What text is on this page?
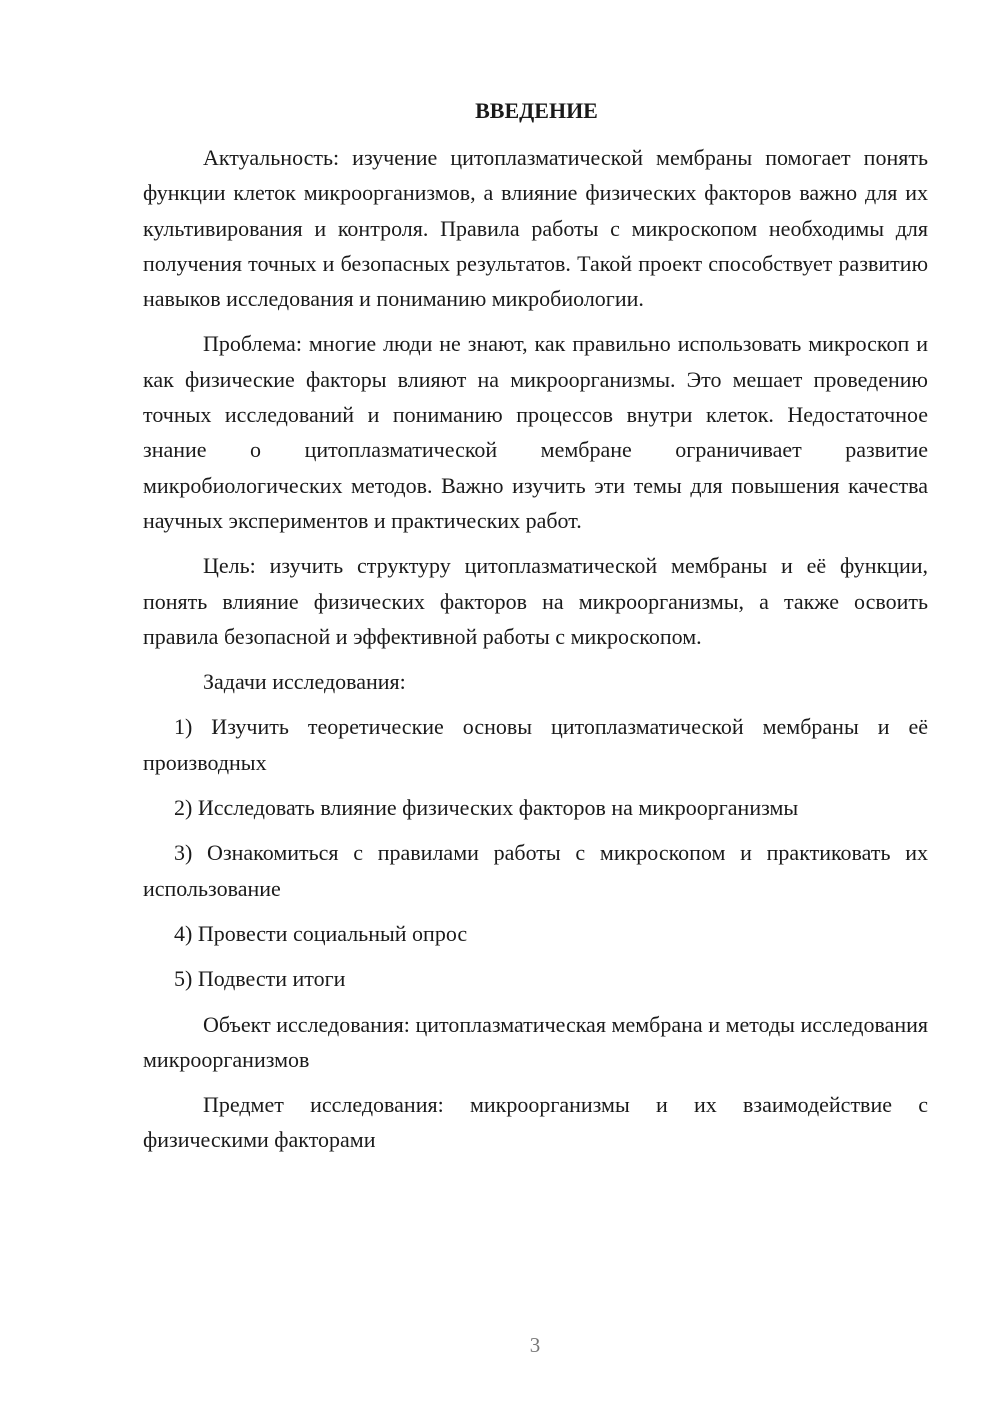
ВВЕДЕНИЕ

Актуальность: изучение цитоплазматической мембраны помогает понять функции клеток микроорганизмов, а влияние физических факторов важно для их культивирования и контроля. Правила работы с микроскопом необходимы для получения точных и безопасных результатов. Такой проект способствует развитию навыков исследования и пониманию микробиологии.

Проблема: многие люди не знают, как правильно использовать микроскоп и как физические факторы влияют на микроорганизмы. Это мешает проведению точных исследований и пониманию процессов внутри клеток. Недостаточное знание о цитоплазматической мембране ограничивает развитие микробиологических методов. Важно изучить эти темы для повышения качества научных экспериментов и практических работ.

Цель: изучить структуру цитоплазматической мембраны и её функции, понять влияние физических факторов на микроорганизмы, а также освоить правила безопасной и эффективной работы с микроскопом.

Задачи исследования:

1) Изучить теоретические основы цитоплазматической мембраны и её производных

2) Исследовать влияние физических факторов на микроорганизмы

3) Ознакомиться с правилами работы с микроскопом и практиковать их использование

4) Провести социальный опрос

5) Подвести итоги

Объект исследования: цитоплазматическая мембрана и методы исследования микроорганизмов

Предмет исследования: микроорганизмы и их взаимодействие с физическими факторами

3
